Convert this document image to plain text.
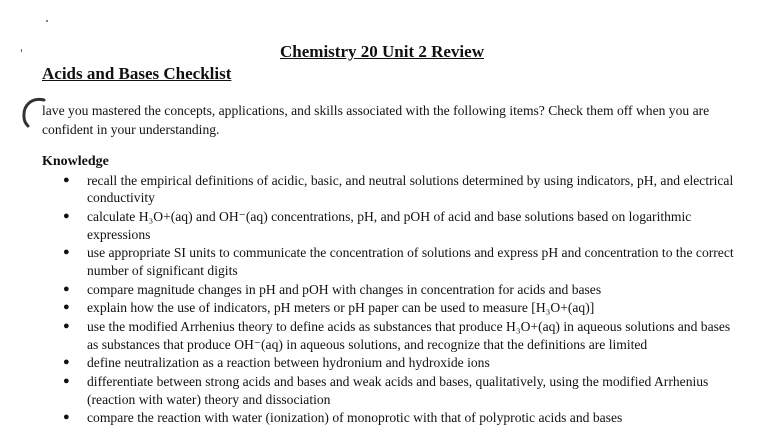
Chemistry 20 Unit 2 Review
Acids and Bases Checklist
lave you mastered the concepts, applications, and skills associated with the following items? Check them off when you are confident in your understanding.
Knowledge
● recall the empirical definitions of acidic, basic, and neutral solutions determined by using indicators, pH, and electrical conductivity
● calculate H₃O+(aq) and OH⁻(aq) concentrations, pH, and pOH of acid and base solutions based on logarithmic expressions
● use appropriate SI units to communicate the concentration of solutions and express pH and concentration to the correct number of significant digits
● compare magnitude changes in pH and pOH with changes in concentration for acids and bases
● explain how the use of indicators, pH meters or pH paper can be used to measure [H₃O+(aq)]
● use the modified Arrhenius theory to define acids as substances that produce H₃O+(aq) in aqueous solutions and bases as substances that produce OH⁻(aq) in aqueous solutions, and recognize that the definitions are limited
● define neutralization as a reaction between hydronium and hydroxide ions
● differentiate between strong acids and bases and weak acids and bases, qualitatively, using the modified Arrhenius (reaction with water) theory and dissociation
● compare the reaction with water (ionization) of monoprotic with that of polyprotic acids and bases
